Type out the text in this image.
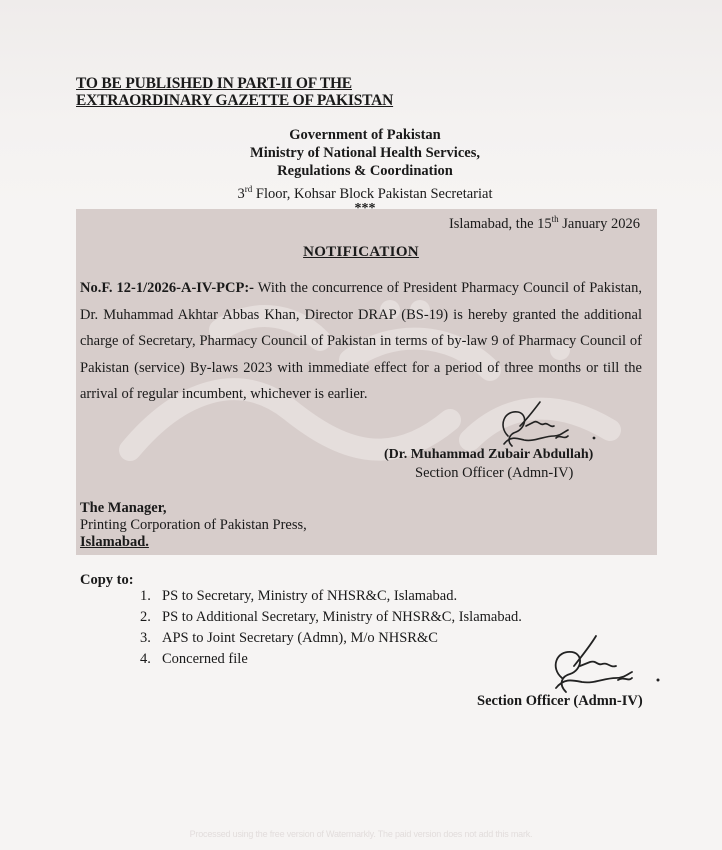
TO BE PUBLISHED IN PART-II OF THE
EXTRAORDINARY GAZETTE OF PAKISTAN
Government of Pakistan
Ministry of National Health Services,
Regulations & Coordination
3rd Floor, Kohsar Block Pakistan Secretariat
***
Islamabad, the 15th January 2026
NOTIFICATION
No.F. 12-1/2026-A-IV-PCP:- With the concurrence of President Pharmacy Council of Pakistan, Dr. Muhammad Akhtar Abbas Khan, Director DRAP (BS-19) is hereby granted the additional charge of Secretary, Pharmacy Council of Pakistan in terms of by-law 9 of Pharmacy Council of Pakistan (service) By-laws 2023 with immediate effect for a period of three months or till the arrival of regular incumbent, whichever is earlier.
(Dr. Muhammad Zubair Abdullah)
Section Officer (Admn-IV)
The Manager,
Printing Corporation of Pakistan Press,
Islamabad.
Copy to:
1. PS to Secretary, Ministry of NHSR&C, Islamabad.
2. PS to Additional Secretary, Ministry of NHSR&C, Islamabad.
3. APS to Joint Secretary (Admn), M/o NHSR&C
4. Concerned file
Section Officer (Admn-IV)
Processed using the free version of Watermarkly. The paid version does not add this mark.
